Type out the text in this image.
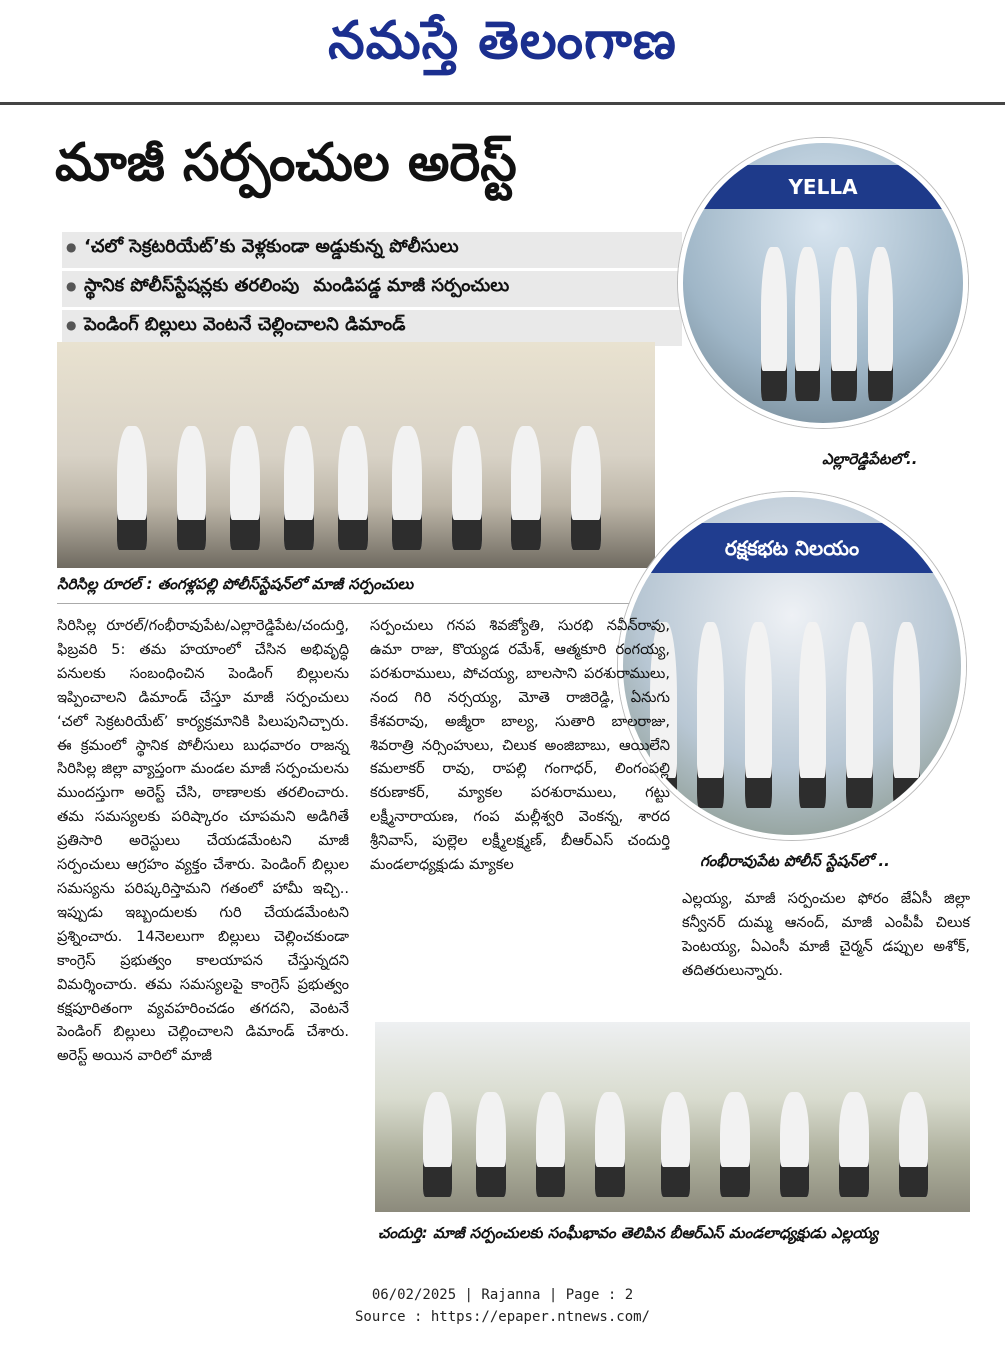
నమస్తే తెలంగాణ
మాజీ సర్పంచుల అరెస్ట్
● ‘చలో సెక్రటరియేట్’కు వెళ్లకుండా అడ్డుకున్న పోలీసులు
● స్థానిక పోలీస్‌స్టేషన్లకు తరలింపు మండిపడ్డ మాజీ సర్పంచులు
● పెండింగ్ బిల్లులు వెంటనే చెల్లించాలని డిమాండ్
సిరిసిల్ల రూరల్ : తంగళ్లపల్లి పోలీస్‌స్టేషన్‌లో మాజీ సర్పంచులు
YELLA
ఎల్లారెడ్డిపేటలో..
రక్షకభట నిలయం
గంభీరావుపేట పోలీస్ స్టేషన్‌లో ..

సిరిసిల్ల రూరల్/గంభీరావుపేట/ఎల్లారెడ్డిపేట/చందుర్తి, ఫిబ్రవరి 5: తమ హయాంలో చేసిన అభివృద్ధి పనులకు సంబంధించిన పెండింగ్ బిల్లులను ఇప్పించాలని డిమాండ్ చేస్తూ మాజీ సర్పంచులు ‘చలో సెక్రటరియేట్’ కార్యక్రమానికి పిలుపునిచ్చారు. ఈ క్రమంలో స్థానిక పోలీసులు బుధవారం రాజన్న సిరిసిల్ల జిల్లా వ్యాప్తంగా మండల మాజీ సర్పంచులను ముందస్తుగా అరెస్ట్ చేసి, ఠాణాలకు తరలించారు. తమ సమస్యలకు పరిష్కారం చూపమని అడిగితే ప్రతిసారి అరెస్టులు చేయడమేంటని మాజీ సర్పంచులు ఆగ్రహం వ్యక్తం చేశారు. పెండింగ్ బిల్లుల సమస్యను పరిష్కరిస్తామని గతంలో హామీ ఇచ్చి.. ఇప్పుడు ఇబ్బందులకు గురి చేయడమేంటని ప్రశ్నించారు. 14నెలలుగా బిల్లులు చెల్లించకుండా కాంగ్రెస్ ప్రభుత్వం కాలయాపన చేస్తున్నదని విమర్శించారు. తమ సమస్యలపై కాంగ్రెస్ ప్రభుత్వం కక్షపూరితంగా వ్యవహరించడం తగదని, వెంటనే పెండింగ్ బిల్లులు చెల్లించాలని డిమాండ్ చేశారు. అరెస్ట్ అయిన వారిలో మాజీ

సర్పంచులు గనప శివజ్యోతి, సురభి నవీన్‌రావు, ఉమా రాజు, కొయ్యడ రమేశ్, ఆత్మకూరి రంగయ్య, పరశురాములు, పోచయ్య, బాలసాని పరశురాములు, నంద గిరి నర్సయ్య, మోతె రాజిరెడ్డి, ఏనుగు కేశవరావు, అజ్మీరా బాల్య, సుతారి బాలరాజు, శివరాత్రి నర్సింహులు, చిలుక అంజిబాబు, ఆయిలేని కమలాకర్ రావు, రాపల్లి గంగాధర్, లింగంపల్లి కరుణాకర్, మ్యాకల పరశురాములు, గట్టు లక్ష్మీనారాయణ, గంప మల్లీశ్వరి వెంకన్న, శారద శ్రీనివాస్, పుల్లెల లక్ష్మీలక్ష్మణ్, బీఆర్ఎస్ చందుర్తి మండలాధ్యక్షుడు మ్యాకల

ఎల్లయ్య, మాజీ సర్పంచుల ఫోరం జేఏసీ జిల్లా కన్వీనర్ దుమ్మ ఆనంద్, మాజీ ఎంపీపీ చిలుక పెంటయ్య, ఏఎంసీ మాజీ చైర్మన్ డప్పుల అశోక్, తదితరులున్నారు.

చందుర్తి: మాజీ సర్పంచులకు సంఘీభావం తెలిపిన బీఆర్‌ఎస్ మండలాధ్యక్షుడు ఎల్లయ్య
06/02/2025 | Rajanna | Page : 2
Source : https://epaper.ntnews.com/
